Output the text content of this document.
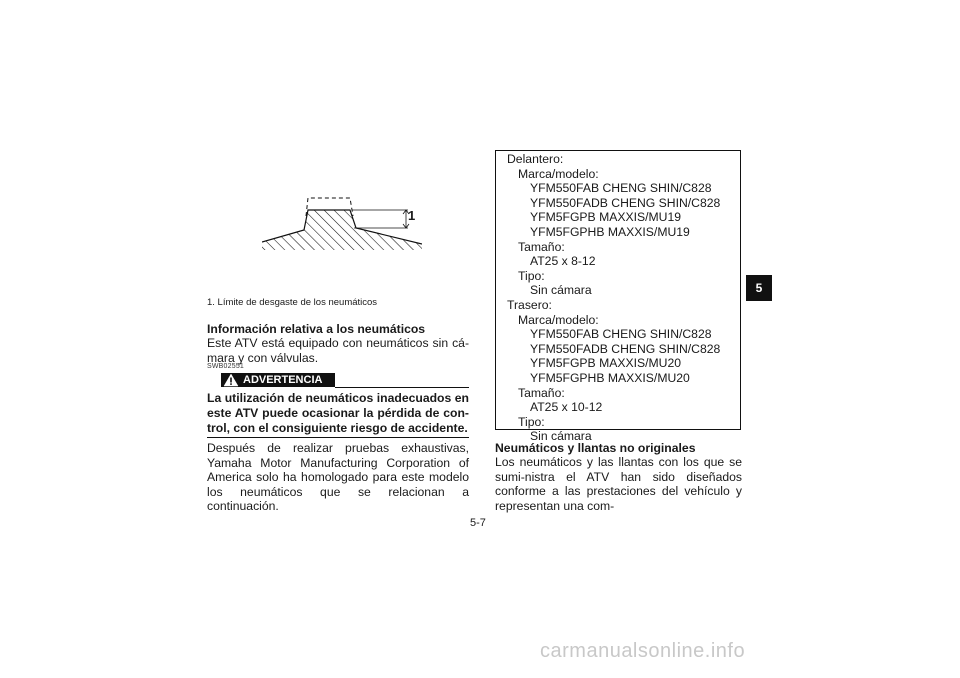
1
1. Límite de desgaste de los neumáticos
Información relativa a los neumáticos
Este ATV está equipado con neumáticos sin cá-mara y con válvulas.
SWB02551
ADVERTENCIA
La utilización de neumáticos inadecuados en este ATV puede ocasionar la pérdida de con-trol, con el consiguiente riesgo de accidente.
Después de realizar pruebas exhaustivas, Yamaha Motor Manufacturing Corporation of America solo ha homologado para este modelo los neumáticos que se relacionan a continuación.
Delantero:
Marca/modelo:
YFM550FAB CHENG SHIN/C828
YFM550FADB CHENG SHIN/C828
YFM5FGPB MAXXIS/MU19
YFM5FGPHB MAXXIS/MU19
Tamaño:
AT25 x 8-12
Tipo:
Sin cámara
Trasero:
Marca/modelo:
YFM550FAB CHENG SHIN/C828
YFM550FADB CHENG SHIN/C828
YFM5FGPB MAXXIS/MU20
YFM5FGPHB MAXXIS/MU20
Tamaño:
AT25 x 10-12
Tipo:
Sin cámara
Neumáticos y llantas no originales
Los neumáticos y las llantas con los que se sumi-nistra el ATV han sido diseñados conforme a las prestaciones del vehículo y representan una com-
5
5-7
carmanualsonline.info
